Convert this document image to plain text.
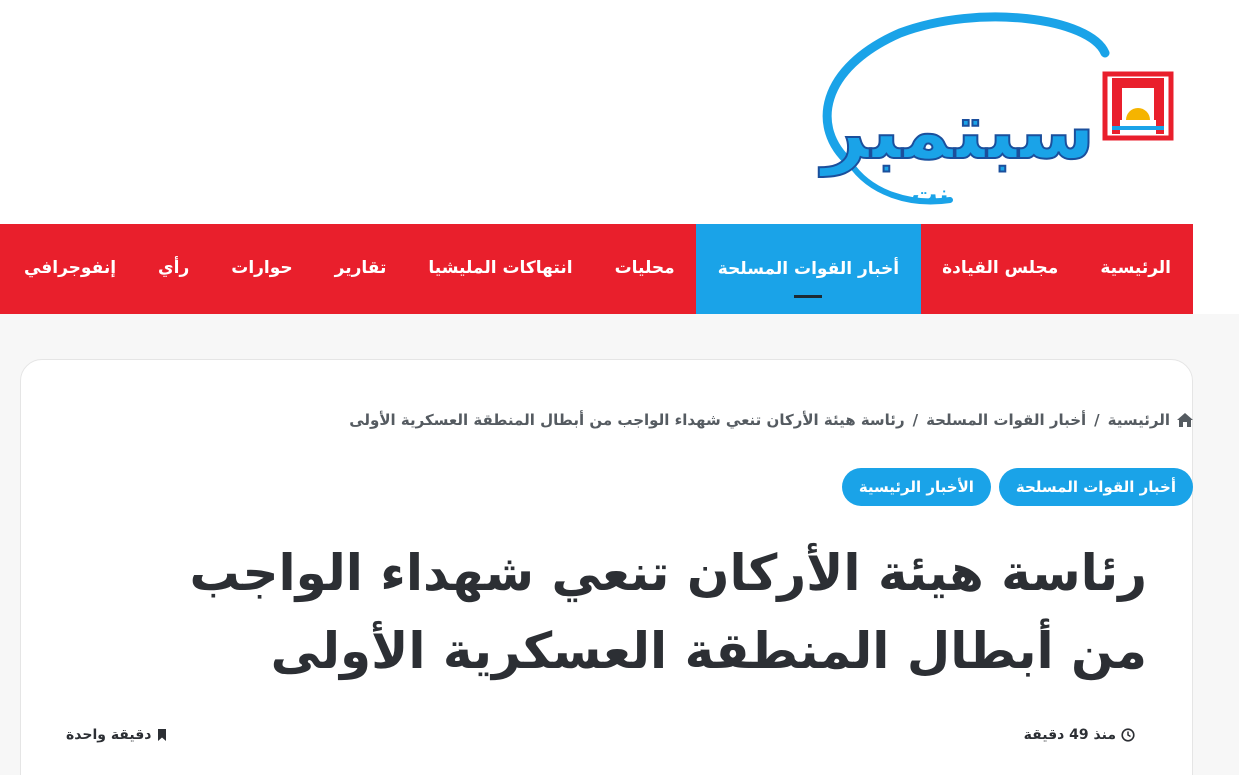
سبتمبر
نت
الرئيسية
مجلس القيادة
أخبار القوات المسلحة
محليات
انتهاكات المليشيا
تقارير
حوارات
رأي
إنفوجرافي
الرئيسية
/
أخبار القوات المسلحة
/
رئاسة هيئة الأركان تنعي شهداء الواجب من أبطال المنطقة العسكرية الأولى
أخبار القوات المسلحة
الأخبار الرئيسية
رئاسة هيئة الأركان تنعي شهداء الواجب من أبطال المنطقة العسكرية الأولى
منذ 49 دقيقة
دقيقة واحدة
